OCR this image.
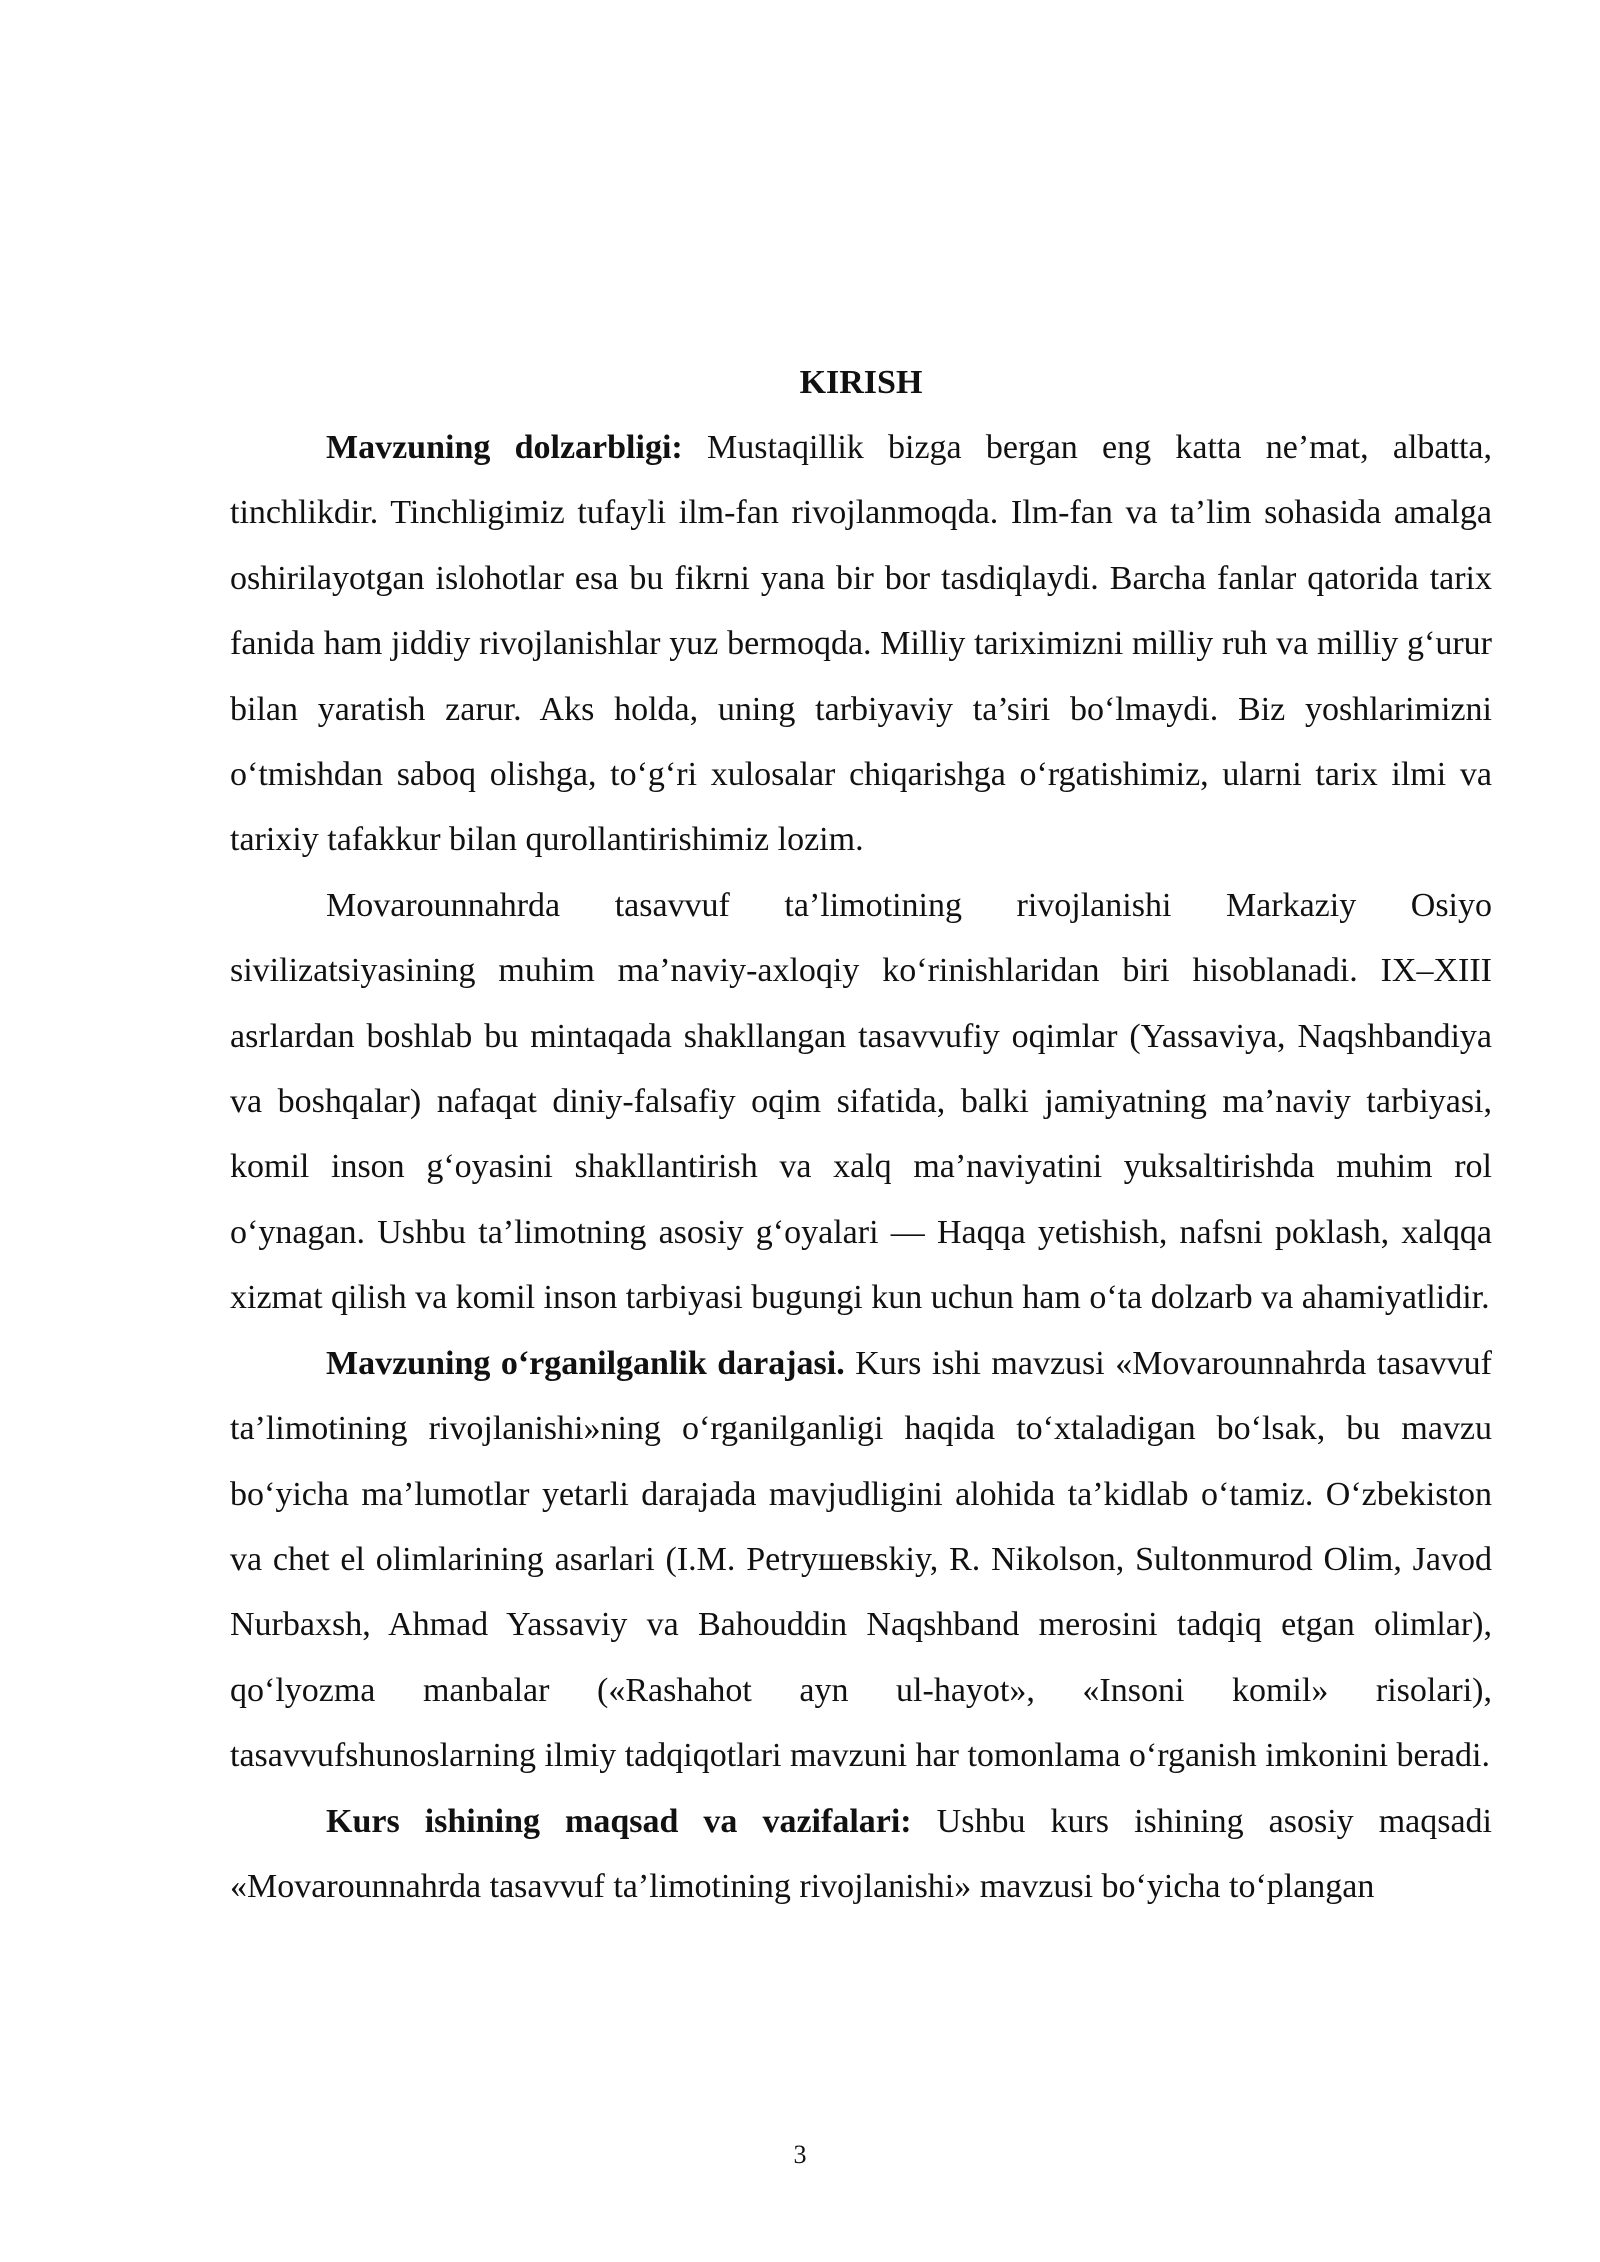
KIRISH

Mavzuning dolzarbligi: Mustaqillik bizga bergan eng katta ne’mat, albatta, tinchlikdir. Tinchligimiz tufayli ilm-fan rivojlanmoqda. Ilm-fan va ta’lim sohasida amalga oshirilayotgan islohotlar esa bu fikrni yana bir bor tasdiqlaydi. Barcha fanlar qatorida tarix fanida ham jiddiy rivojlanishlar yuz bermoqda. Milliy tariximizni milliy ruh va milliy g‘urur bilan yaratish zarur. Aks holda, uning tarbiyaviy ta’siri bo‘lmaydi. Biz yoshlarimizni o‘tmishdan saboq olishga, to‘g‘ri xulosalar chiqarishga o‘rgatishimiz, ularni tarix ilmi va tarixiy tafakkur bilan qurollantirishimiz lozim.

Movarounnahrda tasavvuf ta’limotining rivojlanishi Markaziy Osiyo sivilizatsiyasining muhim ma’naviy-axloqiy ko‘rinishlaridan biri hisoblanadi. IX–XIII asrlardan boshlab bu mintaqada shakllangan tasavvufiy oqimlar (Yassaviya, Naqshbandiya va boshqalar) nafaqat diniy-falsafiy oqim sifatida, balki jamiyatning ma’naviy tarbiyasi, komil inson g‘oyasini shakllantirish va xalq ma’naviyatini yuksaltirishda muhim rol o‘ynagan. Ushbu ta’limotning asosiy g‘oyalari — Haqqa yetishish, nafsni poklash, xalqqa xizmat qilish va komil inson tarbiyasi bugungi kun uchun ham o‘ta dolzarb va ahamiyatlidir.

Mavzuning o‘rganilganlik darajasi. Kurs ishi mavzusi «Movarounnahrda tasavvuf ta’limotining rivojlanishi»ning o‘rganilganligi haqida to‘xtaladigan bo‘lsak, bu mavzu bo‘yicha ma’lumotlar yetarli darajada mavjudligini alohida ta’kidlab o‘tamiz. O‘zbekiston va chet el olimlarining asarlari (I.M. Petrушевskiy, R. Nikolson, Sultonmurod Olim, Javod Nurbaxsh, Ahmad Yassaviy va Bahouddin Naqshband merosini tadqiq etgan olimlar), qo‘lyozma manbalar («Rashahot ayn ul-hayot», «Insoni komil» risolari), tasavvufshunoslarning ilmiy tadqiqotlari mavzuni har tomonlama o‘rganish imkonini beradi.

Kurs ishining maqsad va vazifalari: Ushbu kurs ishining asosiy maqsadi «Movarounnahrda tasavvuf ta’limotining rivojlanishi» mavzusi bo‘yicha to‘plangan

3
